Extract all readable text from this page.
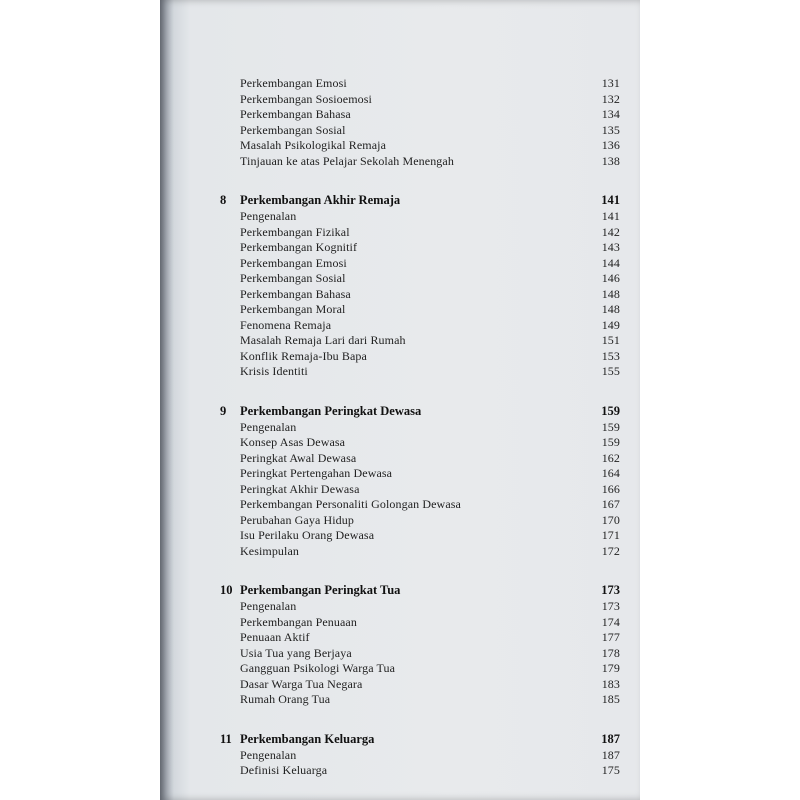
Perkembangan Emosi	131
Perkembangan Sosioemosi	132
Perkembangan Bahasa	134
Perkembangan Sosial	135
Masalah Psikologikal Remaja	136
Tinjauan ke atas Pelajar Sekolah Menengah	138
8 Perkembangan Akhir Remaja	141
Pengenalan	141
Perkembangan Fizikal	142
Perkembangan Kognitif	143
Perkembangan Emosi	144
Perkembangan Sosial	146
Perkembangan Bahasa	148
Perkembangan Moral	148
Fenomena Remaja	149
Masalah Remaja Lari dari Rumah	151
Konflik Remaja-Ibu Bapa	153
Krisis Identiti	155
9 Perkembangan Peringkat Dewasa	159
Pengenalan	159
Konsep Asas Dewasa	159
Peringkat Awal Dewasa	162
Peringkat Pertengahan Dewasa	164
Peringkat Akhir Dewasa	166
Perkembangan Personaliti Golongan Dewasa	167
Perubahan Gaya Hidup	170
Isu Perilaku Orang Dewasa	171
Kesimpulan	172
10 Perkembangan Peringkat Tua	173
Pengenalan	173
Perkembangan Penuaan	174
Penuaan Aktif	177
Usia Tua yang Berjaya	178
Gangguan Psikologi Warga Tua	179
Dasar Warga Tua Negara	183
Rumah Orang Tua	185
11 Perkembangan Keluarga	187
Pengenalan	187
Definisi Keluarga	175
